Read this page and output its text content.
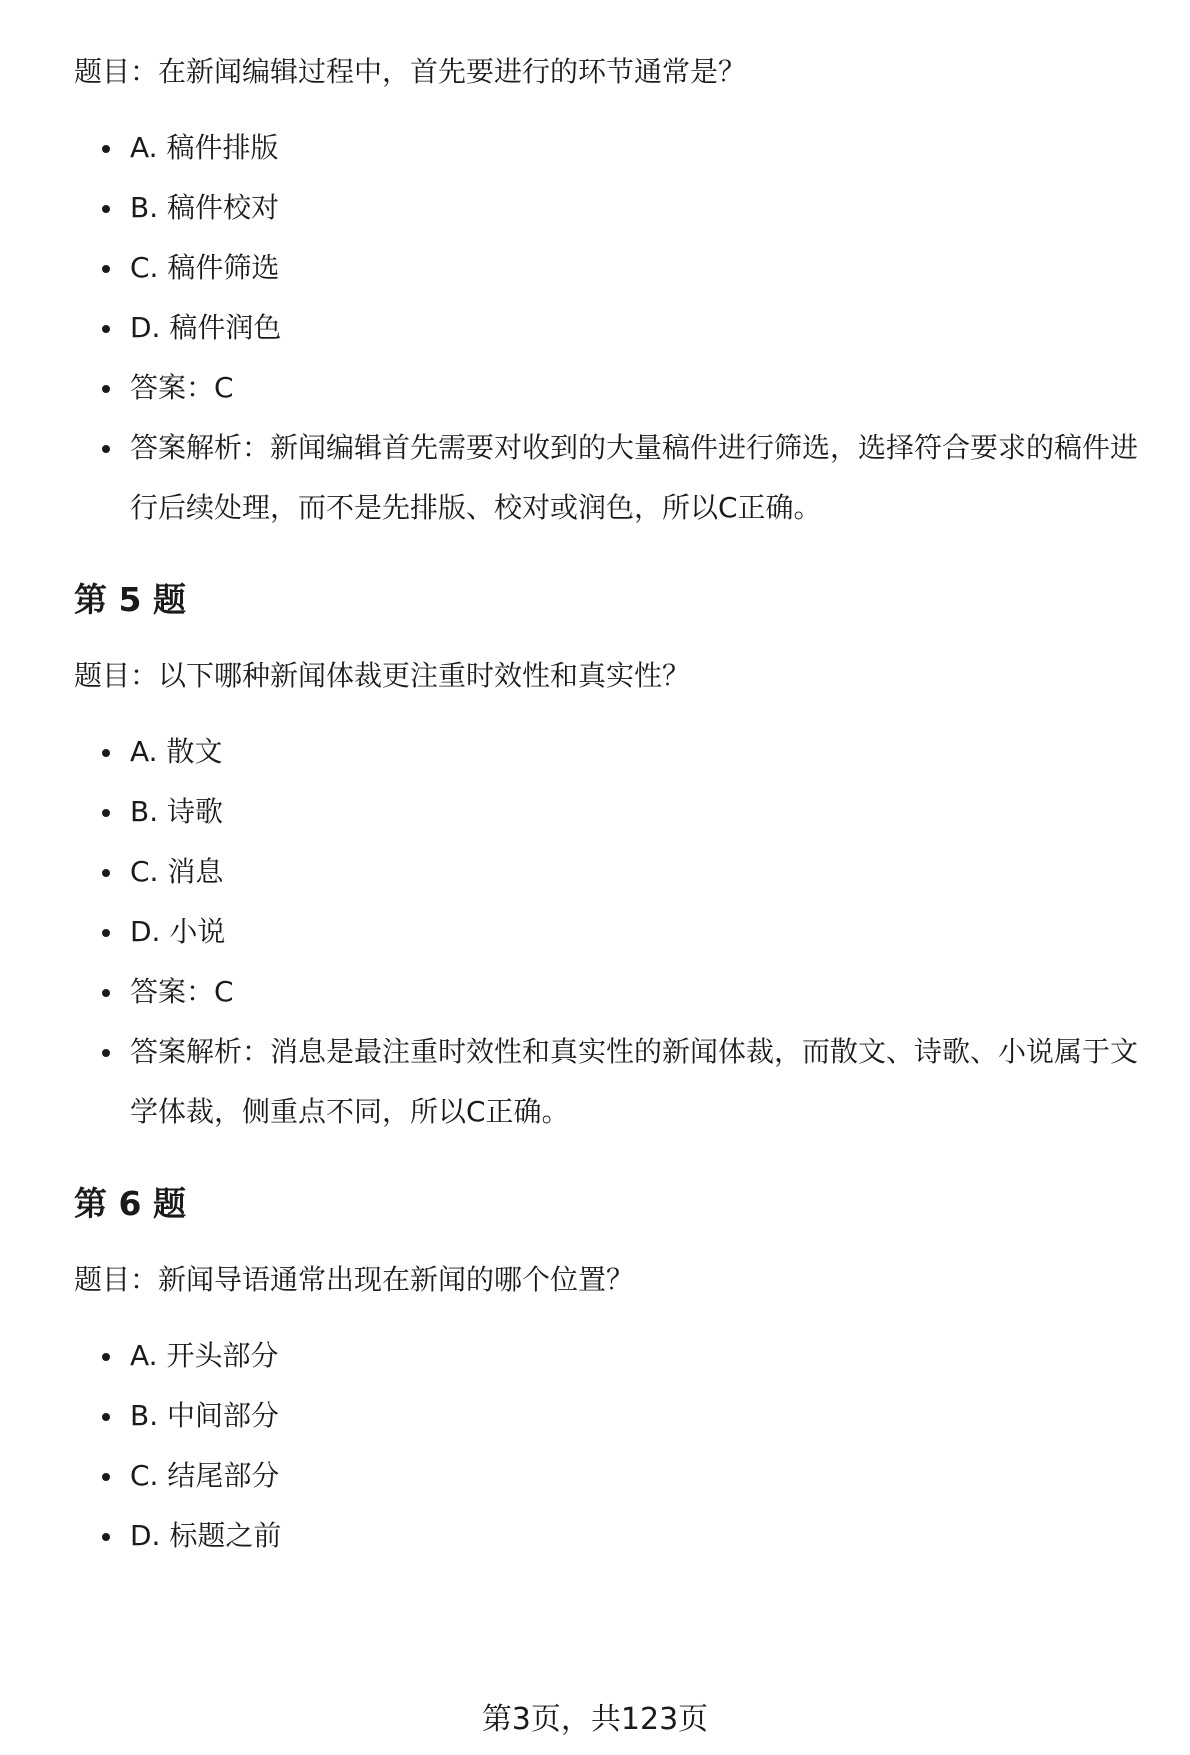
题目：在新闻编辑过程中，首先要进行的环节通常是？
A. 稿件排版
B. 稿件校对
C. 稿件筛选
D. 稿件润色
答案：C
答案解析：新闻编辑首先需要对收到的大量稿件进行筛选，选择符合要求的稿件进行后续处理，而不是先排版、校对或润色，所以C正确。
第 5 题
题目：以下哪种新闻体裁更注重时效性和真实性？
A. 散文
B. 诗歌
C. 消息
D. 小说
答案：C
答案解析：消息是最注重时效性和真实性的新闻体裁，而散文、诗歌、小说属于文学体裁，侧重点不同，所以C正确。
第 6 题
题目：新闻导语通常出现在新闻的哪个位置？
A. 开头部分
B. 中间部分
C. 结尾部分
D. 标题之前
第3页，共123页
